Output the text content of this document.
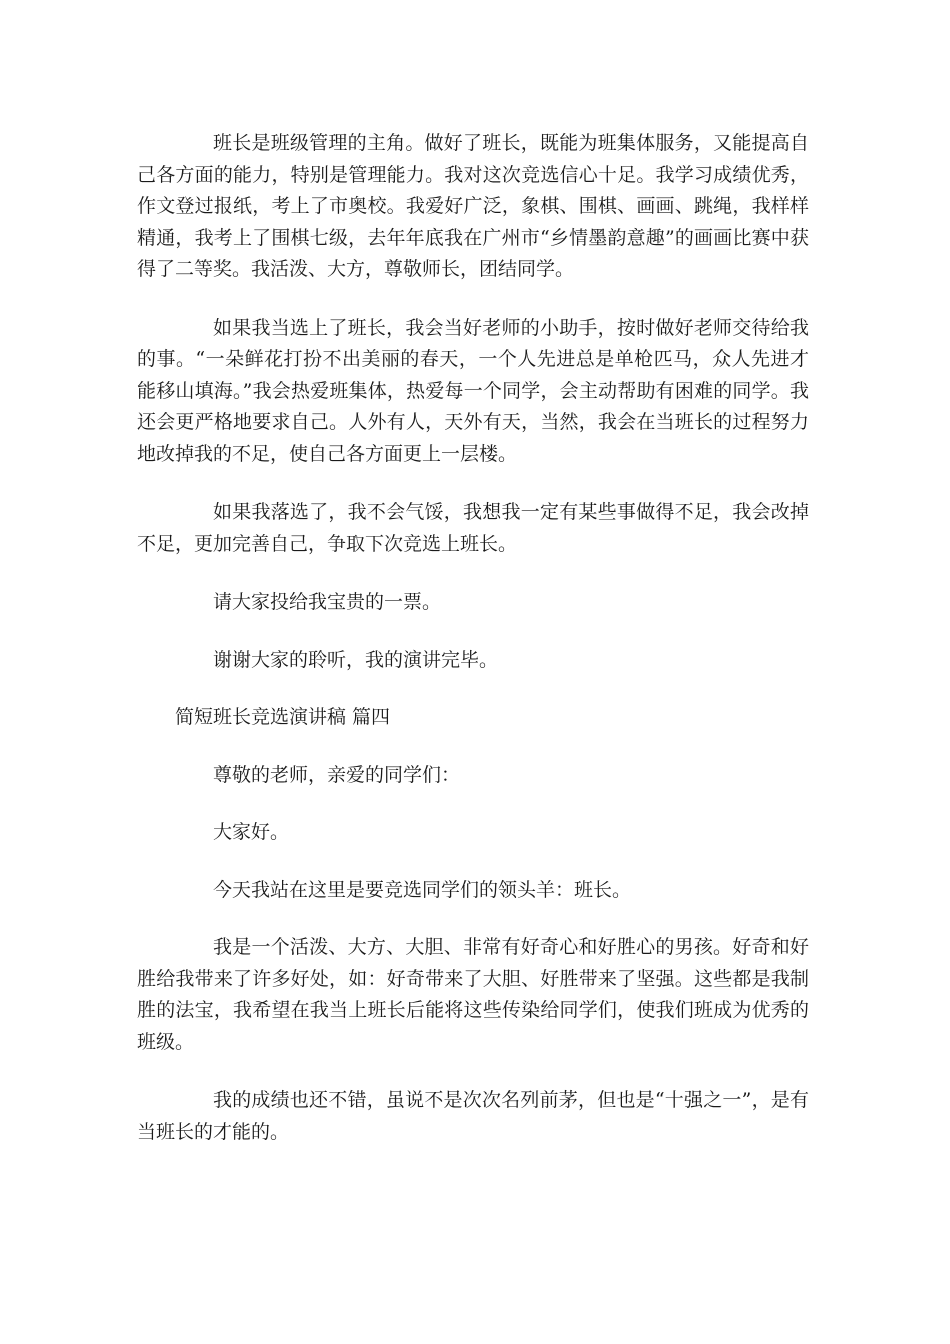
班长是班级管理的主角。做好了班长，既能为班集体服务，又能提高自己各方面的能力，特别是管理能力。我对这次竞选信心十足。我学习成绩优秀，作文登过报纸，考上了市奥校。我爱好广泛，象棋、围棋、画画、跳绳，我样样精通，我考上了围棋七级，去年年底我在广州市“乡情墨韵意趣”的画画比赛中获得了二等奖。我活泼、大方，尊敬师长，团结同学。

如果我当选上了班长，我会当好老师的小助手，按时做好老师交待给我的事。“一朵鲜花打扮不出美丽的春天，一个人先进总是单枪匹马，众人先进才能移山填海。”我会热爱班集体，热爱每一个同学，会主动帮助有困难的同学。我还会更严格地要求自己。人外有人，天外有天，当然，我会在当班长的过程努力地改掉我的不足，使自己各方面更上一层楼。

如果我落选了，我不会气馁，我想我一定有某些事做得不足，我会改掉不足，更加完善自己，争取下次竞选上班长。

请大家投给我宝贵的一票。

谢谢大家的聆听，我的演讲完毕。

简短班长竞选演讲稿 篇四

尊敬的老师，亲爱的同学们：

大家好。

今天我站在这里是要竞选同学们的领头羊：班长。

我是一个活泼、大方、大胆、非常有好奇心和好胜心的男孩。好奇和好胜给我带来了许多好处，如：好奇带来了大胆、好胜带来了坚强。这些都是我制胜的法宝，我希望在我当上班长后能将这些传染给同学们，使我们班成为优秀的班级。

我的成绩也还不错，虽说不是次次名列前茅，但也是“十强之一”，是有当班长的才能的。
